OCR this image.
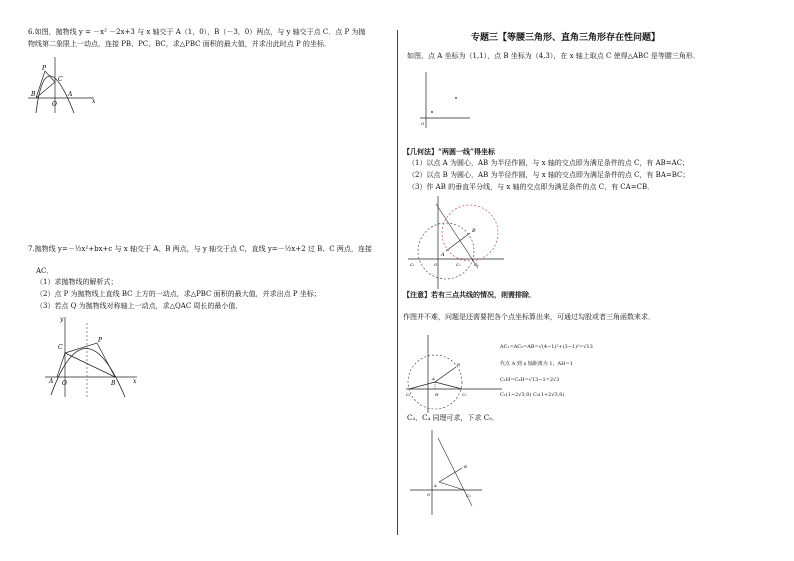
6.如图，抛物线 y = －x² －2x+3 与 x 轴交于 A（1，0），B（－3，0）两点，与 y 轴交于点 C．点 P 为抛
物线第二象限上一动点，连接 PB、PC、BC，求△PBC 面积的最大值，并求出此时点 P 的坐标．
P
C
B
O
A
x
7.抛物线 y=－½x²+bx+c 与 x 轴交于 A、B 两点，与 y 轴交于点 C，直线 y=－½x+2 过 B、C 两点，连接
AC．
（1）求抛物线的解析式；
（2）点 P 为抛物线上直线 BC 上方的一动点，求△PBC 面积的最大值，并求出点 P 坐标；
（3）若点 Q 为抛物线对称轴上一动点，求△QAC 周长的最小值．
y
P
C
A O	B	x
专题三【等腰三角形、直角三角形存在性问题】
如图，点 A 坐标为（1,1），点 B 坐标为（4,3），在 x 轴上取点 C 使得△ABC 是等腰三角形．
O
【几何法】“两圆一线”得坐标
（1）以点 A 为圆心，AB 为半径作圆，与 x 轴的交点即为满足条件的点 C，有 AB=AC；
（2）以点 B 为圆心，AB 为半径作圆，与 x 轴的交点即为满足条件的点 C，有 BA=BC；
（3）作 AB 的垂直平分线，与 x 轴的交点即为满足条件的点 C，有 CA=CB．
A
B
C₁	C₂
C₅
O
【注意】若有三点共线的情况，则需排除．
作图并不难，问题是还需要把各个点坐标算出来，可通过勾股或者三角函数来求．
A
B
C₁	C₂
H
AC₁=AC₂=AB=√(4−1)²+(3−1)²=√13
代点 A 到 x 轴距离为 1，AH=1
C₁H=C₂H=√13−1=2√3
C₁(1−2√3,0) C₂(1+2√3,0)
C₃、C₄ 同理可求，下求 C₅．
A
B
C₅
O
